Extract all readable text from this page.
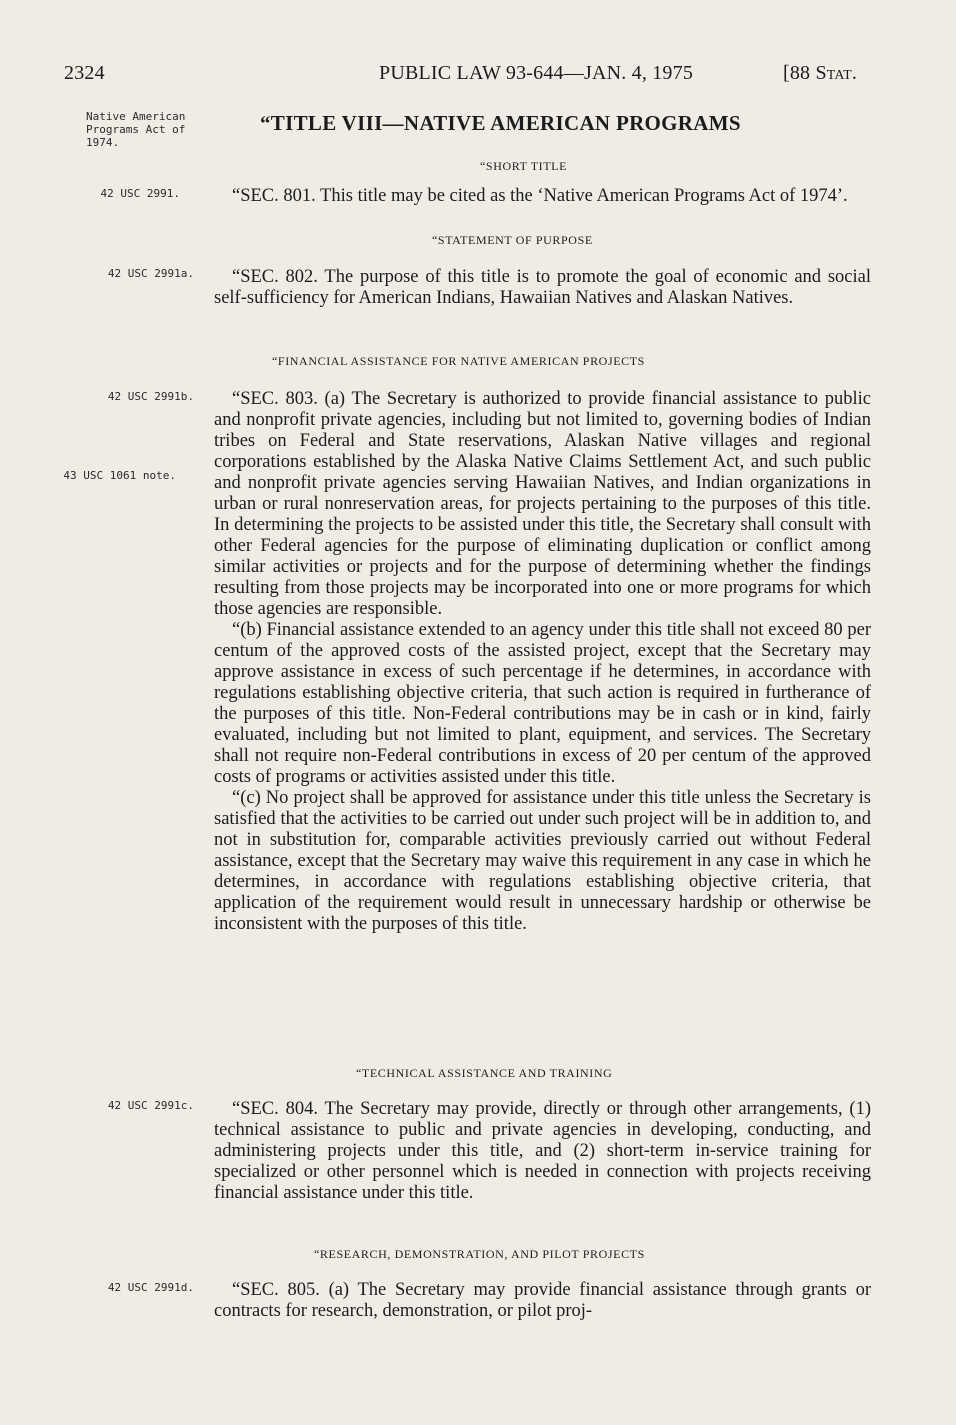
2324	PUBLIC LAW 93-644—JAN. 4, 1975	[88 Stat.
Native American Programs Act of 1974.
“TITLE VIII—NATIVE AMERICAN PROGRAMS
“SHORT TITLE
42 USC 2991.	“SEC. 801. This title may be cited as the ‘Native American Programs Act of 1974’.

“STATEMENT OF PURPOSE
42 USC 2991a.	“SEC. 802. The purpose of this title is to promote the goal of economic and social self-sufficiency for American Indians, Hawaiian Natives and Alaskan Natives.

“FINANCIAL ASSISTANCE FOR NATIVE AMERICAN PROJECTS
42 USC 2991b.
43 USC 1061 note.

“SEC. 803. (a) The Secretary is authorized to provide financial assistance to public and nonprofit private agencies, including but not limited to, governing bodies of Indian tribes on Federal and State reservations, Alaskan Native villages and regional corporations established by the Alaska Native Claims Settlement Act, and such public and nonprofit private agencies serving Hawaiian Natives, and Indian organizations in urban or rural nonreservation areas, for projects pertaining to the purposes of this title. In determining the projects to be assisted under this title, the Secretary shall consult with other Federal agencies for the purpose of eliminating duplication or conflict among similar activities or projects and for the purpose of determining whether the findings resulting from those projects may be incorporated into one or more programs for which those agencies are responsible.

“(b) Financial assistance extended to an agency under this title shall not exceed 80 per centum of the approved costs of the assisted project, except that the Secretary may approve assistance in excess of such percentage if he determines, in accordance with regulations establishing objective criteria, that such action is required in furtherance of the purposes of this title. Non-Federal contributions may be in cash or in kind, fairly evaluated, including but not limited to plant, equipment, and services. The Secretary shall not require non-Federal contributions in excess of 20 per centum of the approved costs of programs or activities assisted under this title.

“(c) No project shall be approved for assistance under this title unless the Secretary is satisfied that the activities to be carried out under such project will be in addition to, and not in substitution for, comparable activities previously carried out without Federal assistance, except that the Secretary may waive this requirement in any case in which he determines, in accordance with regulations establishing objective criteria, that application of the requirement would result in unnecessary hardship or otherwise be inconsistent with the purposes of this title.

“TECHNICAL ASSISTANCE AND TRAINING
42 USC 2991c.	“SEC. 804. The Secretary may provide, directly or through other arrangements, (1) technical assistance to public and private agencies in developing, conducting, and administering projects under this title, and (2) short-term in-service training for specialized or other personnel which is needed in connection with projects receiving financial assistance under this title.

“RESEARCH, DEMONSTRATION, AND PILOT PROJECTS
42 USC 2991d.	“SEC. 805. (a) The Secretary may provide financial assistance through grants or contracts for research, demonstration, or pilot proj-
